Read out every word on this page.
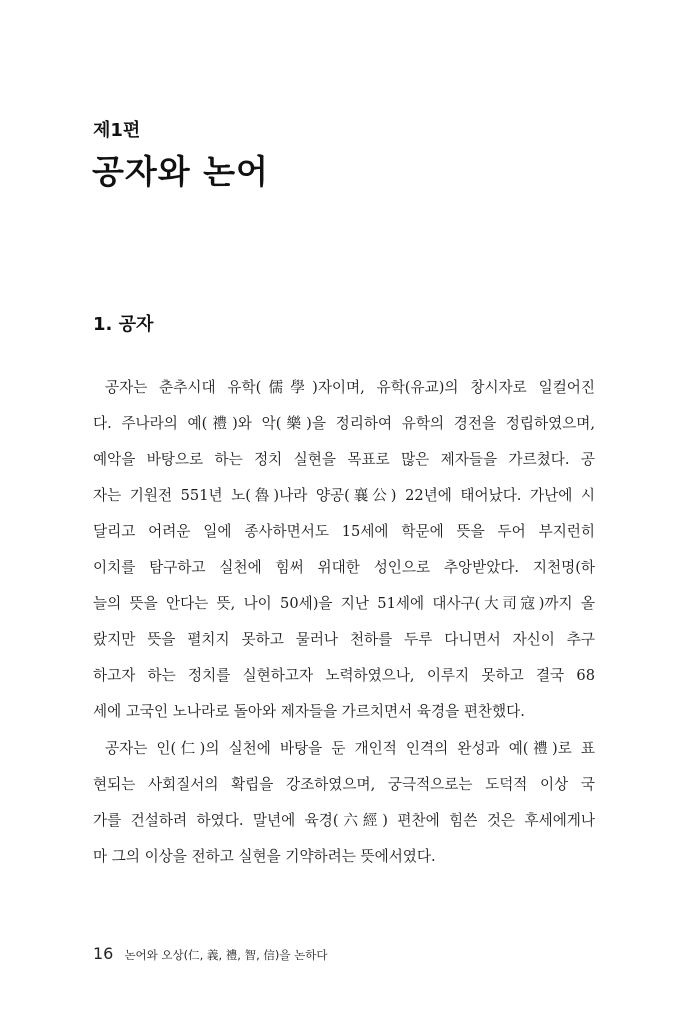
제1편
공자와 논어
1. 공자
공자는 춘추시대 유학(儒學)자이며, 유학(유교)의 창시자로 일컬어진
다. 주나라의 예(禮)와 악(樂)을 정리하여 유학의 경전을 정립하였으며,
예악을 바탕으로 하는 정치 실현을 목표로 많은 제자들을 가르쳤다. 공
자는 기원전 551년 노(魯)나라 양공(襄公) 22년에 태어났다. 가난에 시
달리고 어려운 일에 종사하면서도 15세에 학문에 뜻을 두어 부지런히
이치를 탐구하고 실천에 힘써 위대한 성인으로 추앙받았다. 지천명(하
늘의 뜻을 안다는 뜻, 나이 50세)을 지난 51세에 대사구(大司寇)까지 올
랐지만 뜻을 펼치지 못하고 물러나 천하를 두루 다니면서 자신이 추구
하고자 하는 정치를 실현하고자 노력하였으나, 이루지 못하고 결국 68
세에 고국인 노나라로 돌아와 제자들을 가르치면서 육경을 편찬했다.
공자는 인(仁)의 실천에 바탕을 둔 개인적 인격의 완성과 예(禮)로 표
현되는 사회질서의 확립을 강조하였으며, 궁극적으로는 도덕적 이상 국
가를 건설하려 하였다. 말년에 육경(六經) 편찬에 힘쓴 것은 후세에게나
마 그의 이상을 전하고 실현을 기약하려는 뜻에서였다.
16 논어와 오상(仁, 義, 禮, 智, 信)을 논하다
